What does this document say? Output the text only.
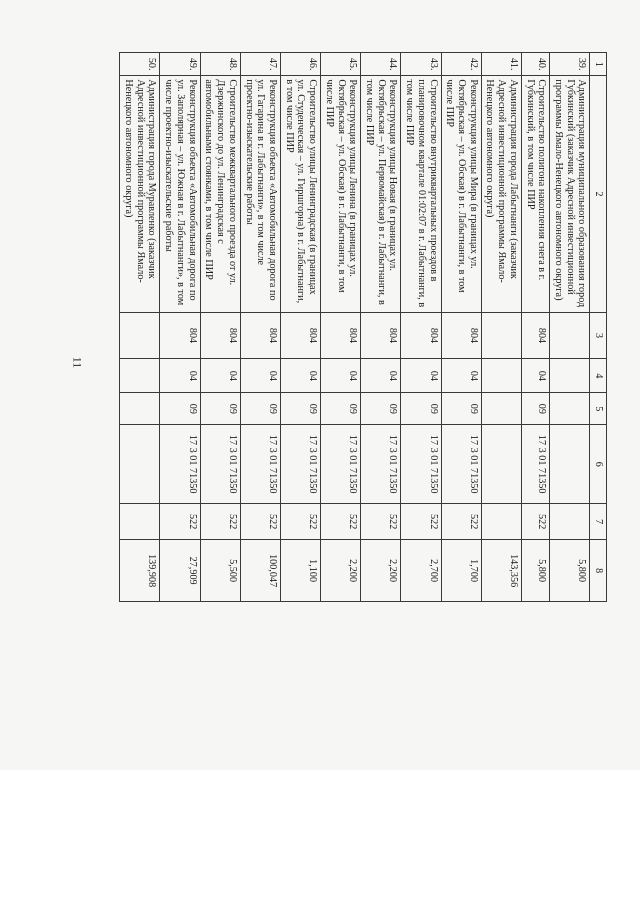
11
1	2	3	4	5	6	7	8
39.	Администрация муниципального образования город Губкинский (заказчик Адресной инвестиционной программы Ямало-Ненецкого автономного округа)						5,800
40.	Строительство полигона накопления снега в г. Губкинский, в том числе ПИР	804	04	09	17 3 01 71350	522	5,800
41.	Администрация города Лабытнанги (заказчик Адресной инвестиционной программы Ямало-Ненецкого автономного округа)						143,356
42.	Реконструкция улицы Мира (в границах ул. Октябрьская – ул. Обская) в г. Лабытнанги, в том числе ПИР	804	04	09	17 3 01 71350	522	1,700
43.	Строительство внутриквартальных проездов в планировочном квартале 01:02:07 в г. Лабытнанги, в том числе ПИР	804	04	09	17 3 01 71350	522	2,700
44.	Реконструкция улицы Новая (в границах ул. Октябрьская – ул. Первомайская) в г. Лабытнанги, в том числе ПИР	804	04	09	17 3 01 71350	522	2,200
45.	Реконструкция улицы Ленина (в границах ул. Октябрьская – ул. Обская) в г. Лабытнанги, в том числе ПИР	804	04	09	17 3 01 71350	522	2,200
46.	Строительство улицы Ленинградская (в границах ул. Студенческая – ул. Гиршгорна) в г. Лабытнанги, в том числе ПИР	804	04	09	17 3 01 71350	522	1,100
47.	Реконструкция объекта «Автомобильная дорога по ул. Гагарина в г. Лабытнанги», в том числе проектно-изыскательские работы	804	04	09	17 3 01 71350	522	100,047
48.	Строительство межквартального проезда от ул. Дзержинского до ул. Ленинградская с автомобильными стоянками, в том числе ПИР	804	04	09	17 3 01 71350	522	5,500
49.	Реконструкция объекта «Автомобильная дорога по ул. Заполярная – ул. Южная в г. Лабытнанги», в том числе проектно-изыскательские работы	804	04	09	17 3 01 71350	522	27,909
50.	Администрация города Муравленко (заказчик Адресной инвестиционной программы Ямало-Ненецкого автономного округа)						139,908
